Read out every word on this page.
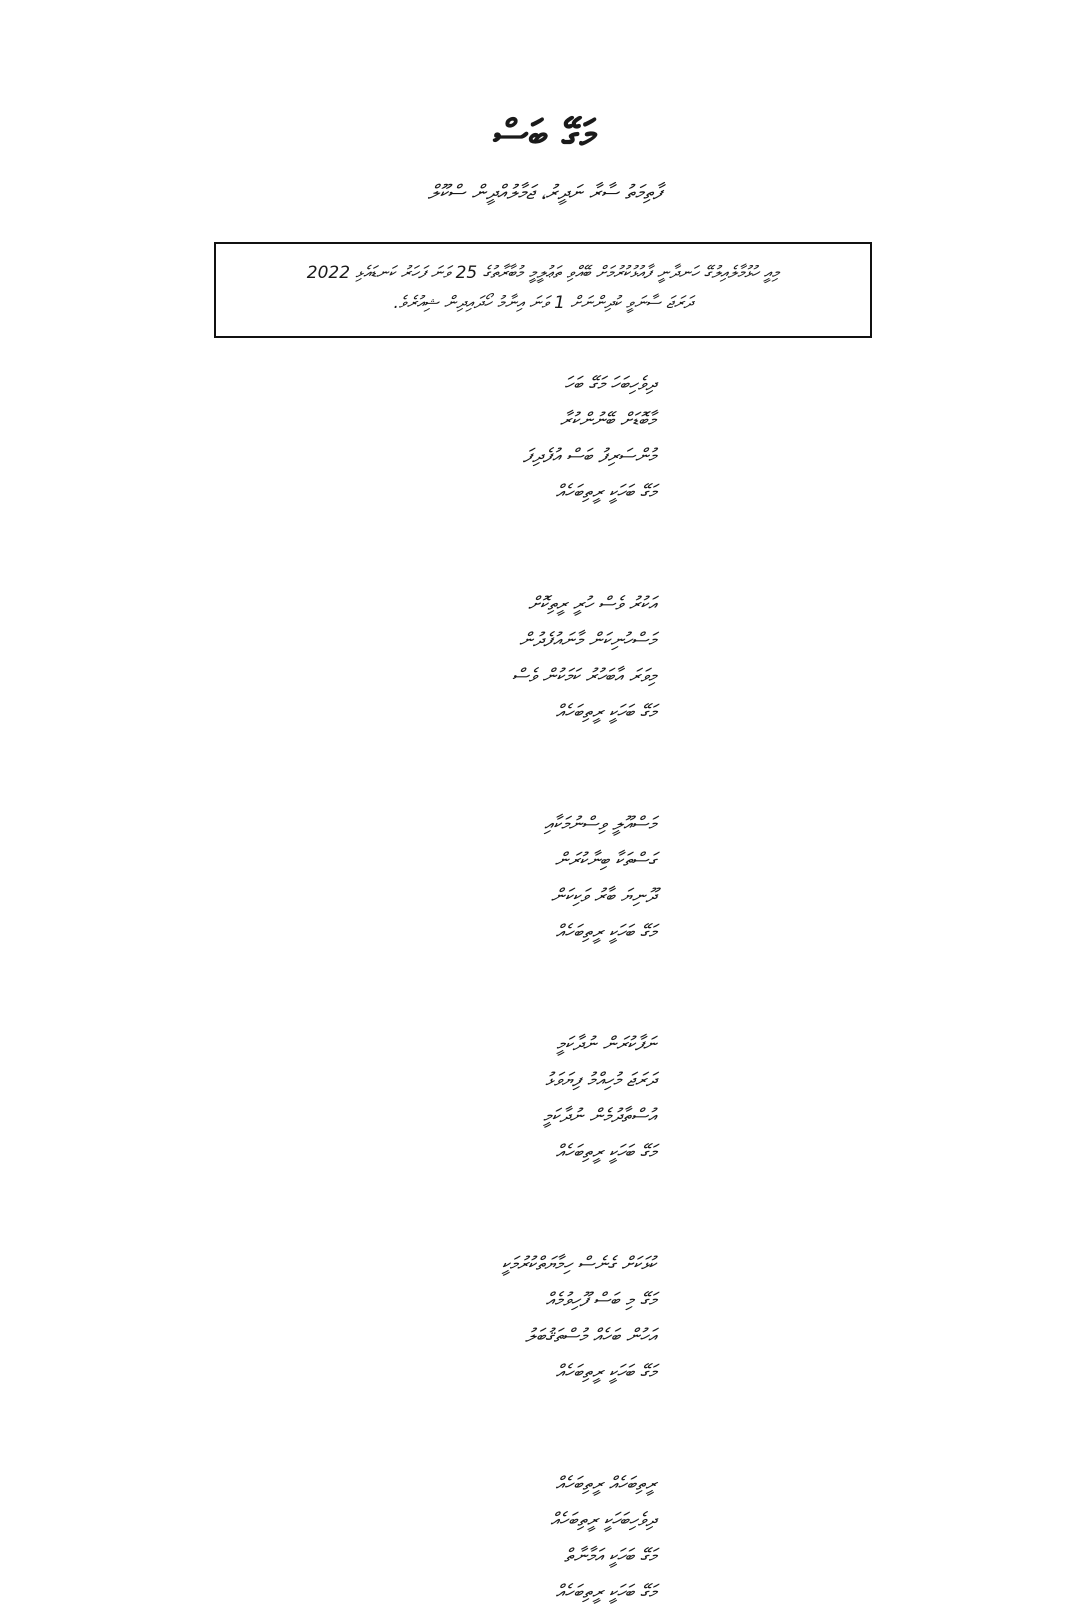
މަގޭ ބަސް

ފާތިމަތު ސާރާ ނަދީރު، ޖަމާލުއްދީން ސްކޫލް

މިއީ ހުޅުމާލެއިލުގޭ ހަނދާނީ ފާއުޅުކުރުމަށް ބޭއްވި ތަޢުލީމީ މުބާރާތުގެ 25 ވަނަ ފަހަރު ކަނޑައެޅި 2022
ދަރަޖަ ސާނަވީ ކުދިންނަށް 1 ވަނަ އިނާމު ހޯދައިދިން ޝިއުރެވެ.
ދިވެހިބަހަ މަގޭ ބަހަ
މާބޮޑަށް ބޭނުންކުރާ
މުންސަރިފު ބަސް އުފެދިފަ
މަގޭ ބަހަކީ ރީތިބަހެއް
އަކުރު ވެސް ހުރީ ރީތިކޮށް
މަސްހުނިކަން މާނައުފެދުން
މިވަރަ އާބަހުރު ކަމަކުން ވެސް
މަގޭ ބަހަކީ ރީތިބަހެއް
މަސްއޫލީ ވިސްނުމަކާއި
ގަސްތަކާ ބިނާކުރަން
ދޫނިޔަ ބާރު ވަކިކަން
މަގޭ ބަހަކީ ރީތިބަހެއް
ނަފާކުރަން ނުދާކަމީ
ދަރަޖަ މުހިއްމު ފިޔަވަޅު
އުސްތާދުމެން ނުދާކަމީ
މަގޭ ބަހަކީ ރީތިބަހެއް
ކުޅަކަށް ގެނެސް ހިމާޔަތްކުރުމަކީ
މަގޭ މި ބަސް ފޫހިވުމެއް
އަހުން ބަހެއް މުސްތަޤުބަލު
މަގޭ ބަހަކީ ރީތިބަހެއް
ރީތިބަހެއް ރީތިބަހެއް
ދިވެހިބަހަކީ ރީތިބަހެއް
މަގޭ ބަހަކީ އަމާނާތް
މަގޭ ބަހަކީ ރީތިބަހެއް
